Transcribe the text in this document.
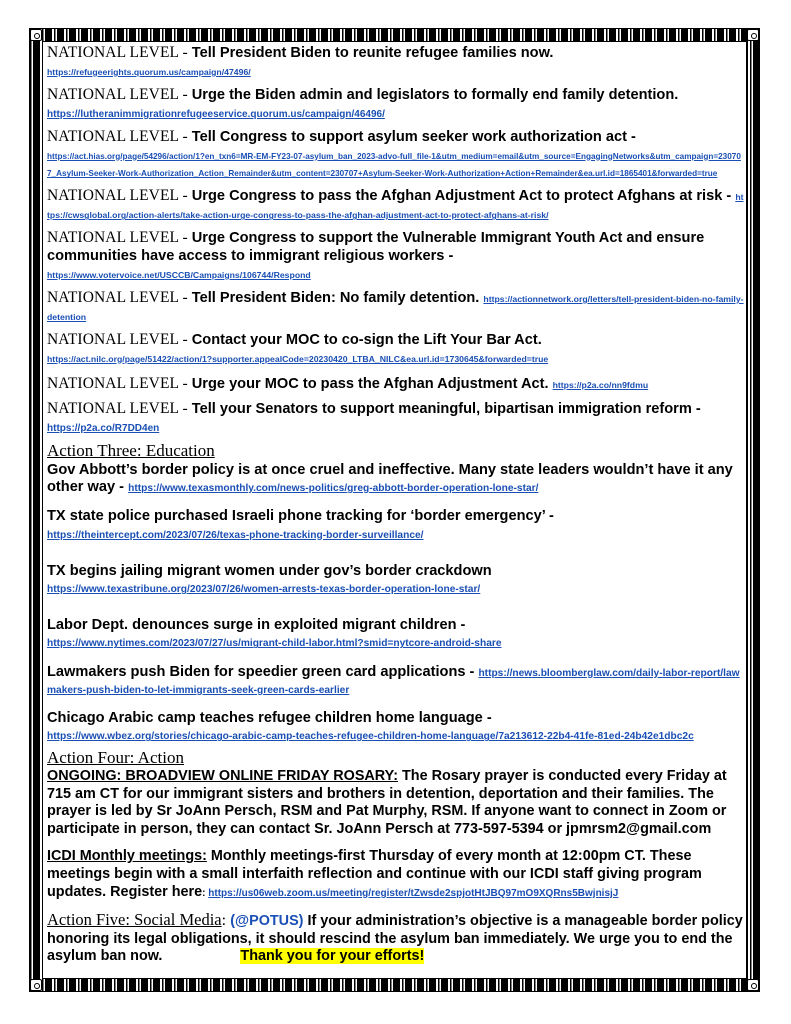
NATIONAL LEVEL - Tell President Biden to reunite refugee families now.
https://refugeerights.quorum.us/campaign/47496/
NATIONAL LEVEL - Urge the Biden admin and legislators to formally end family detention.
https://lutheranimmigrationrefugeeservice.quorum.us/campaign/46496/
NATIONAL LEVEL - Tell Congress to support asylum seeker work authorization act -
https://act.hias.org/page/54296/action/1?en_txn6=MR-EM-FY23-07-asylum_ban_2023-advo-full_file-1&utm_medium=email&utm_source=EngagingNetworks&utm_campaign=230707_Asylum-Seeker-Work-Authorization_Action_Remainder&utm_content=230707+Asylum-Seeker-Work-Authorization+Action+Remainder&ea.url.id=1865401&forwarded=true
NATIONAL LEVEL - Urge Congress to pass the Afghan Adjustment Act to protect Afghans at risk - https://cwsglobal.org/action-alerts/take-action-urge-congress-to-pass-the-afghan-adjustment-act-to-protect-afghans-at-risk/
NATIONAL LEVEL - Urge Congress to support the Vulnerable Immigrant Youth Act and ensure communities have access to immigrant religious workers -
https://www.votervoice.net/USCCB/Campaigns/106744/Respond
NATIONAL LEVEL - Tell President Biden: No family detention. https://actionnetwork.org/letters/tell-president-biden-no-family-detention
NATIONAL LEVEL - Contact your MOC to co-sign the Lift Your Bar Act.
https://act.nilc.org/page/51422/action/1?supporter.appealCode=20230420_LTBA_NILC&ea.url.id=1730645&forwarded=true
NATIONAL LEVEL - Urge your MOC to pass the Afghan Adjustment Act. https://p2a.co/nn9fdmu
NATIONAL LEVEL - Tell your Senators to support meaningful, bipartisan immigration reform -
https://p2a.co/R7DD4en
Action Three: Education
Gov Abbott’s border policy is at once cruel and ineffective. Many state leaders wouldn’t have it any other way - https://www.texasmonthly.com/news-politics/greg-abbott-border-operation-lone-star/
TX state police purchased Israeli phone tracking for ‘border emergency’ -
https://theintercept.com/2023/07/26/texas-phone-tracking-border-surveillance/
TX begins jailing migrant women under gov’s border crackdown
https://www.texastribune.org/2023/07/26/women-arrests-texas-border-operation-lone-star/
Labor Dept. denounces surge in exploited migrant children -
https://www.nytimes.com/2023/07/27/us/migrant-child-labor.html?smid=nytcore-android-share
Lawmakers push Biden for speedier green card applications - https://news.bloomberglaw.com/daily-labor-report/lawmakers-push-biden-to-let-immigrants-seek-green-cards-earlier
Chicago Arabic camp teaches refugee children home language -
https://www.wbez.org/stories/chicago-arabic-camp-teaches-refugee-children-home-language/7a213612-22b4-41fe-81ed-24b42e1dbc2c
Action Four: Action
ONGOING: BROADVIEW ONLINE FRIDAY ROSARY: The Rosary prayer is conducted every Friday at 715 am CT for our immigrant sisters and brothers in detention, deportation and their families. The prayer is led by Sr JoAnn Persch, RSM and Pat Murphy, RSM. If anyone want to connect in Zoom or participate in person, they can contact Sr. JoAnn Persch at 773-597-5394 or jpmrsm2@gmail.com
ICDI Monthly meetings: Monthly meetings-first Thursday of every month at 12:00pm CT. These meetings begin with a small interfaith reflection and continue with our ICDI staff giving program updates. Register here: https://us06web.zoom.us/meeting/register/tZwsde2spjotHtJBQ97mO9XQRns5BwjnisjJ
Action Five: Social Media: (@POTUS) If your administration’s objective is a manageable border policy honoring its legal obligations, it should rescind the asylum ban immediately. We urge you to end the asylum ban now.	Thank you for your efforts!
